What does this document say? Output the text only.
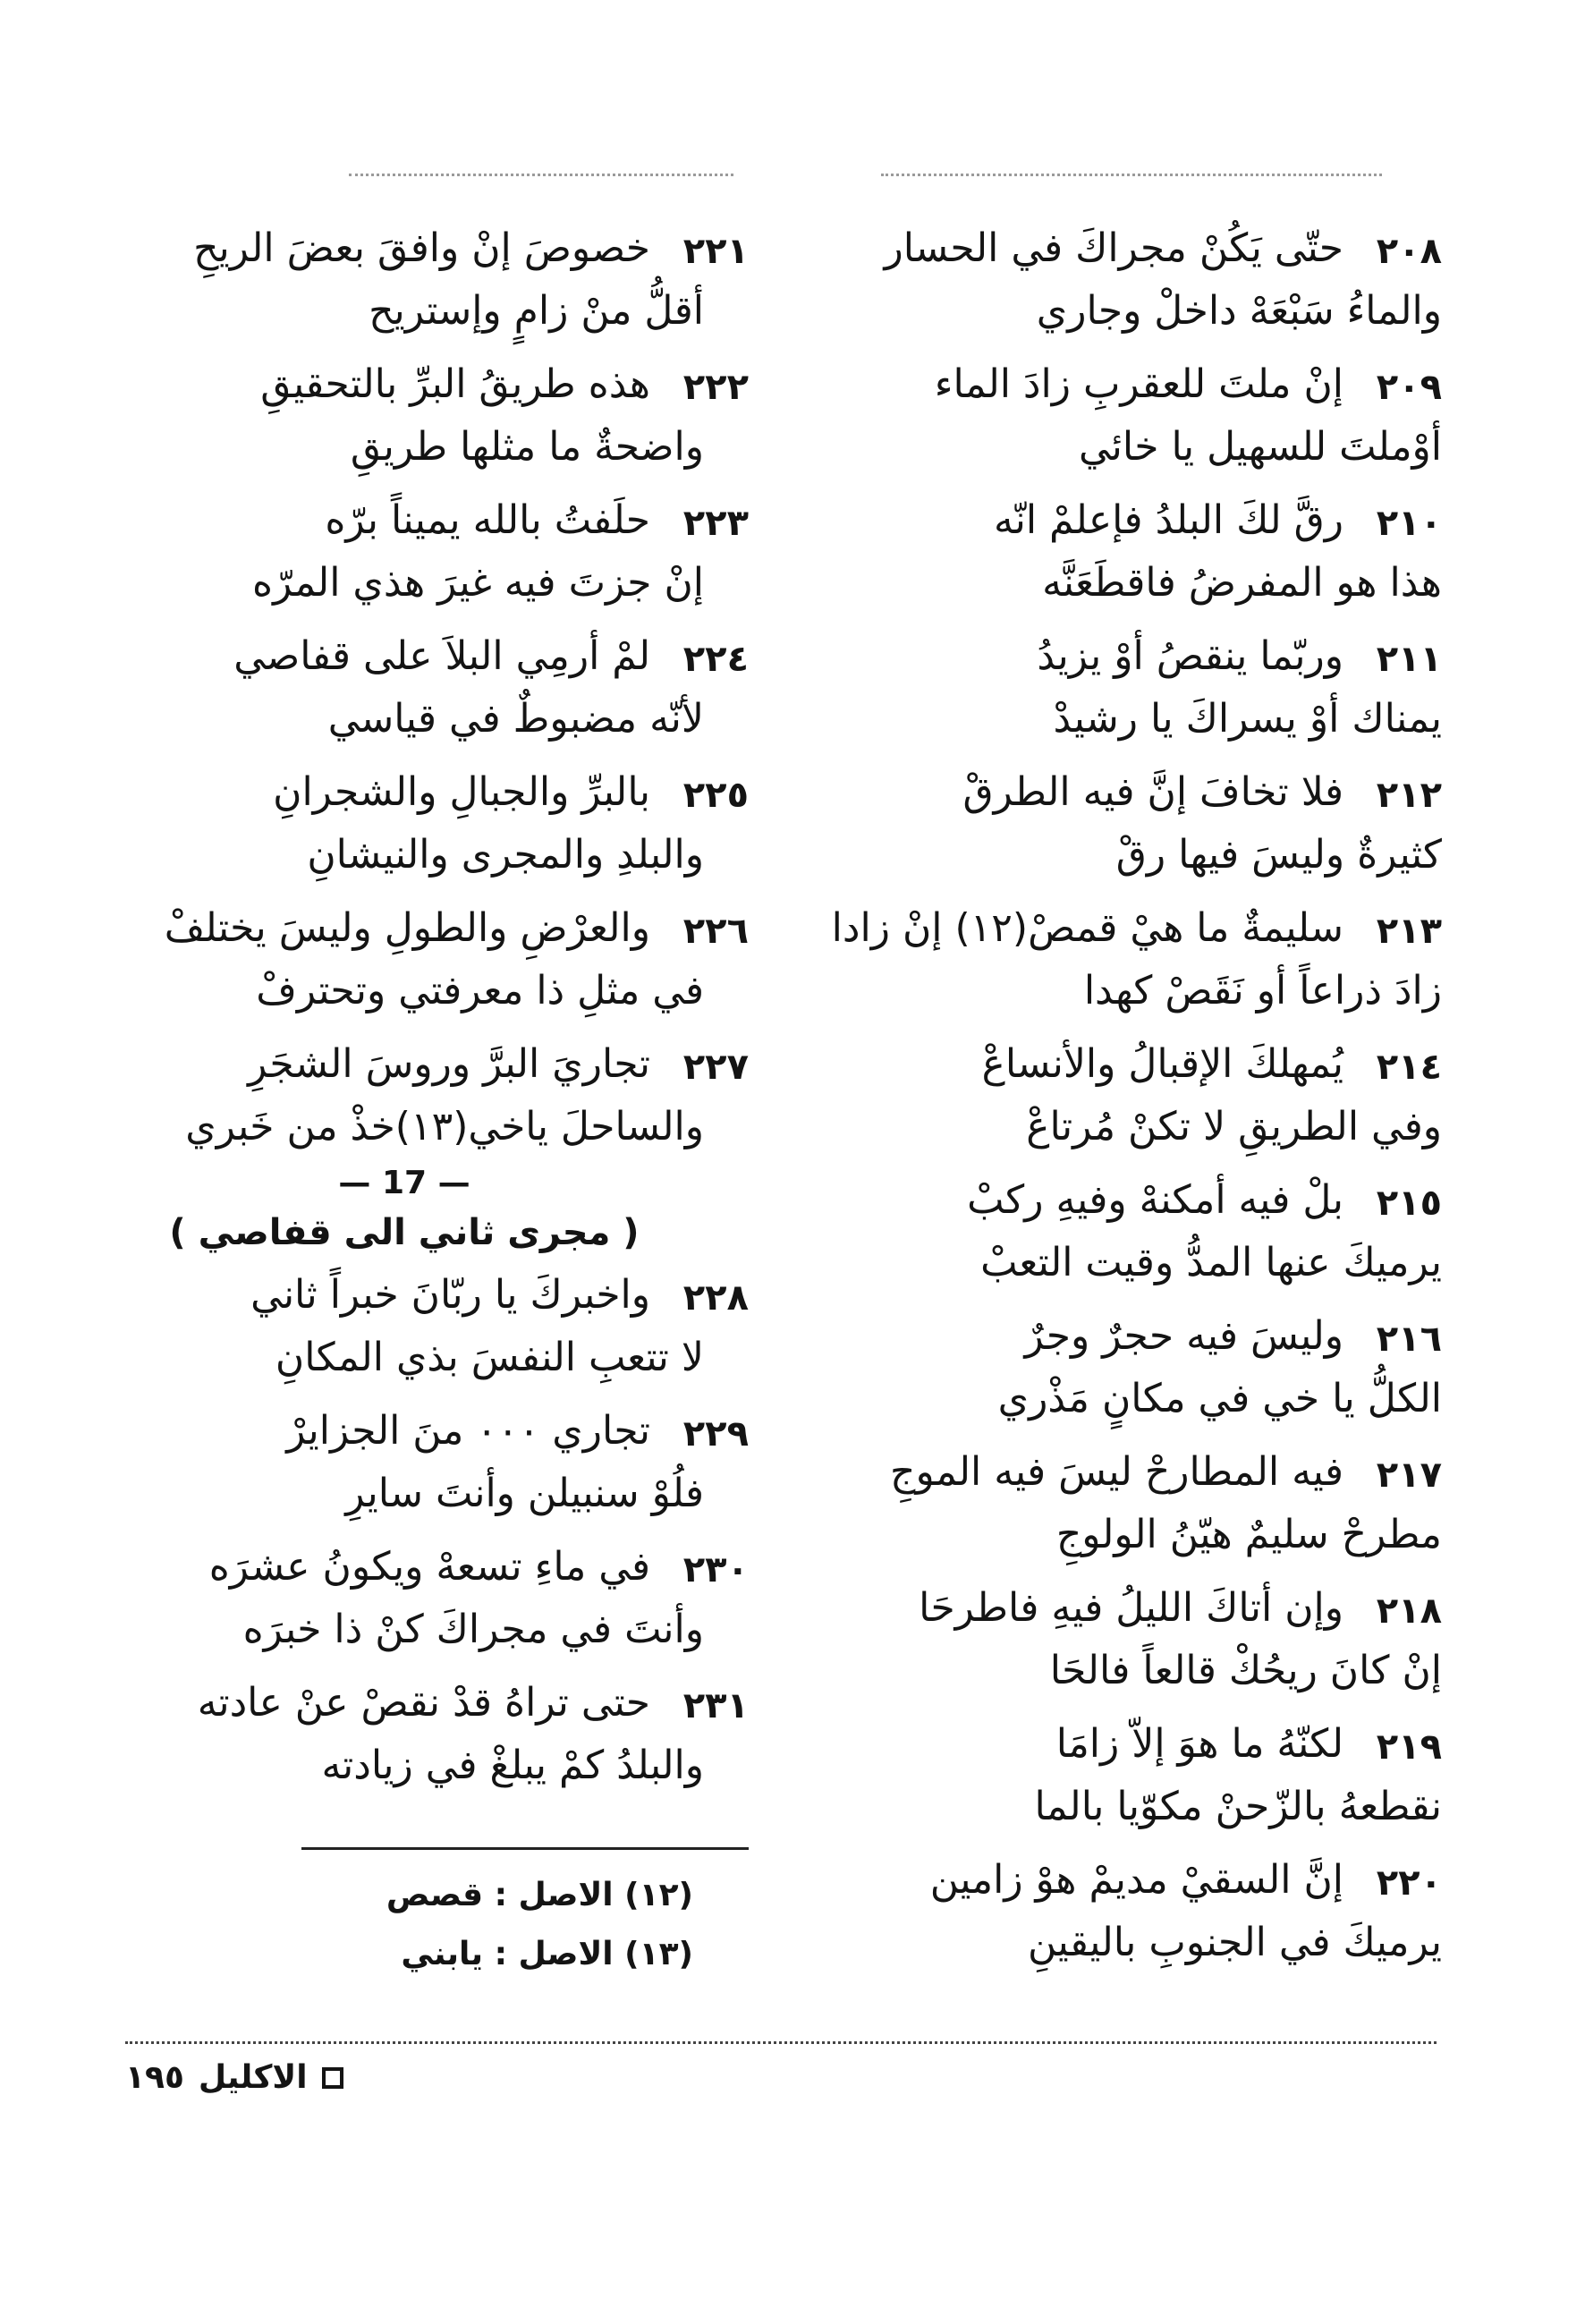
٢٠٨
حتّى يَكُنْ مجراكَ في الحسار
والماءُ سَبْعَهْ داخلْ وجاري
٢٠٩
إنْ ملتَ للعقربِ زادَ الماء
أوْملتَ للسهيل يا خائي
٢١٠
رقَّ لكَ البلدُ فإعلمْ انّه
هذا هو المفرضُ فاقطَعَنَّه
٢١١
وربّما ينقصُ أوْ يزيدُ
يمناك أوْ يسراكَ يا رشيدْ
٢١٢
فلا تخافَ إنَّ فيه الطرقْ
كثيرةٌ وليسَ فيها رقْ
٢١٣
سليمةٌ ما هيْ قمصْ(١٢) إنْ زادا
زادَ ذراعاً أو نَقَصْ كهدا
٢١٤
يُمهلكَ الإقبالُ والأنساعْ
وفي الطريقِ لا تكنْ مُرتاعْ
٢١٥
بلْ فيه أمكنهْ وفيهِ ركبْ
يرميكَ عنها المدُّ وقيت التعبْ
٢١٦
وليسَ فيه حجرٌ وجرٌ
الكلُّ يا خي في مكانٍ مَذْري
٢١٧
فيه المطارحْ ليسَ فيه الموجِ
مطرحْ سليمٌ هيّنُ الولوجِ
٢١٨
وإن أتاكَ الليلُ فيهِ فاطرحَا
إنْ كانَ ريحُكْ قالعاً فالحَا
٢١٩
لكنّهُ ما هوَ إلاّ زامَا
نقطعهُ بالزّحنْ مكوّيا بالما
٢٢٠
إنَّ السقيْ مديمْ هوْ زامين
يرميكَ في الجنوبِ باليقينِ
٢٢١
خصوصَ إنْ وافقَ بعضَ الريحِ
أقلُّ منْ زامٍ وإستريح
٢٢٢
هذه طريقُ البرِّ بالتحقيقِ
واضحةٌ ما مثلها طريقِ
٢٢٣
حلَفتُ بالله يميناً برّه
إنْ جزتَ فيه غيرَ هذي المرّه
٢٢٤
لمْ أرمِي البلاَ على قفاصي
لأنّه مضبوطٌ في قياسي
٢٢٥
بالبرِّ والجبالِ والشجرانِ
والبلدِ والمجرى والنيشانِ
٢٢٦
والعرْضِ والطولِ وليسَ يختلفْ
في مثلِ ذا معرفتي وتحترفْ
٢٢٧
تجاريَ البرَّ وروسَ الشجَرِ
والساحلَ ياخي(١٣)خذْ من خَبري
— 17 —
( مجرى ثاني الى قفاصي )
٢٢٨
واخبركَ يا ربّانَ خبراً ثاني
لا تتعبِ النفسَ بذي المكانِ
٢٢٩
تجاري ٠٠٠ منَ الجزايرْ
فلُوْ سنبيلن وأنتَ سايرِ
٢٣٠
في ماءِ تسعهْ ويكونُ عشرَه
وأنتَ في مجراكَ كنْ ذا خبرَه
٢٣١
حتى تراهُ قدْ نقصْ عنْ عادته
والبلدُ كمْ يبلغْ في زيادته
(١٢) الاصل : قصص
(١٣) الاصل : يابني
الاكليل
١٩٥
